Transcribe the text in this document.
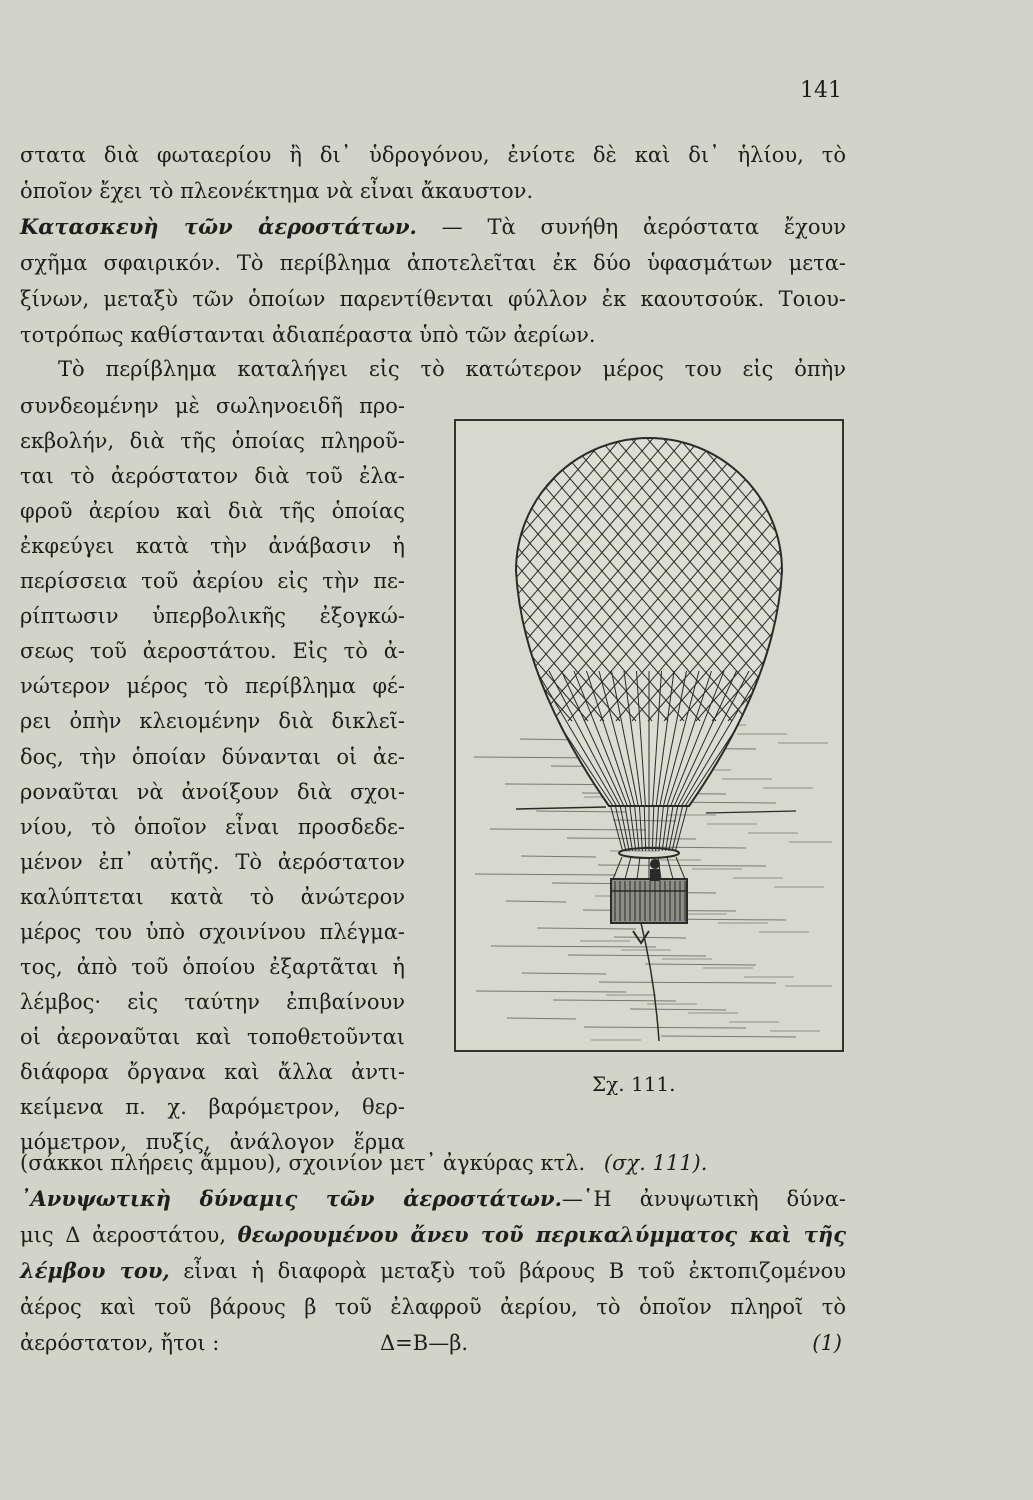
141
στατα διὰ φωταερίου ἢ δι᾽ ὑδρογόνου, ἐνίοτε δὲ καὶ δι᾽ ἡλίου, τὸ
ὁποῖον ἔχει τὸ πλεονέκτημα νὰ εἶναι ἄκαυστον.
Κατασκευὴ τῶν ἀεροστάτων. — Τὰ συνήθη ἀερόστατα ἔχουν
σχῆμα σφαιρικόν. Τὸ περίβλημα ἀποτελεῖται ἐκ δύο ὑφασμάτων μετα-
ξίνων, μεταξὺ τῶν ὁποίων παρεντίθενται φύλλον ἐκ καουτσούκ. Τοιου-
τοτρόπως καθίστανται ἀδιαπέραστα ὑπὸ τῶν ἀερίων.
Τὸ περίβλημα καταλήγει εἰς τὸ κατώτερον μέρος του εἰς ὀπὴν
συνδεομένην μὲ σωληνοειδῆ προ-
εκβολήν, διὰ τῆς ὁποίας πληροῦ-
ται τὸ ἀερόστατον διὰ τοῦ ἐλα-
φροῦ ἀερίου καὶ διὰ τῆς ὁποίας
ἐκφεύγει κατὰ τὴν ἀνάβασιν ἡ
περίσσεια τοῦ ἀερίου εἰς τὴν πε-
ρίπτωσιν ὑπερβολικῆς ἐξογκώ-
σεως τοῦ ἀεροστάτου. Εἰς τὸ ἀ-
νώτερον μέρος τὸ περίβλημα φέ-
ρει ὀπὴν κλειομένην διὰ δικλεῖ-
δος, τὴν ὁποίαν δύνανται οἱ ἀε-
ροναῦται νὰ ἀνοίξουν διὰ σχοι-
νίου, τὸ ὁποῖον εἶναι προσδεδε-
μένον ἐπ᾽ αὐτῆς. Τὸ ἀερόστατον
καλύπτεται κατὰ τὸ ἀνώτερον
μέρος του ὑπὸ σχοινίνου πλέγμα-
τος, ἀπὸ τοῦ ὁποίου ἐξαρτᾶται ἡ
λέμβος· εἰς ταύτην ἐπιβαίνουν
οἱ ἀεροναῦται καὶ τοποθετοῦνται
διάφορα ὄργανα καὶ ἄλλα ἀντι-
κείμενα π. χ. βαρόμετρον, θερ-
μόμετρον, πυξίς, ἀνάλογον ἕρμα
(σάκκοι πλήρεις ἄμμου), σχοινίον μετ᾽ ἀγκύρας κτλ. (σχ. 111).
᾽Ανυψωτικὴ δύναμις τῶν ἀεροστάτων.—῾Η ἀνυψωτικὴ δύνα-
μις Δ ἀεροστάτου, θεωρουμένου ἄνευ τοῦ περικαλύμματος καὶ τῆς
λέμβου του, εἶναι ἡ διαφορὰ μεταξὺ τοῦ βάρους Β τοῦ ἐκτοπιζομένου
ἀέρος καὶ τοῦ βάρους β τοῦ ἐλαφροῦ ἀερίου, τὸ ὁποῖον πληροῖ τὸ
ἀερόστατον, ἤτοι :	Δ=Β—β.	(1)
Σχ. 111.
